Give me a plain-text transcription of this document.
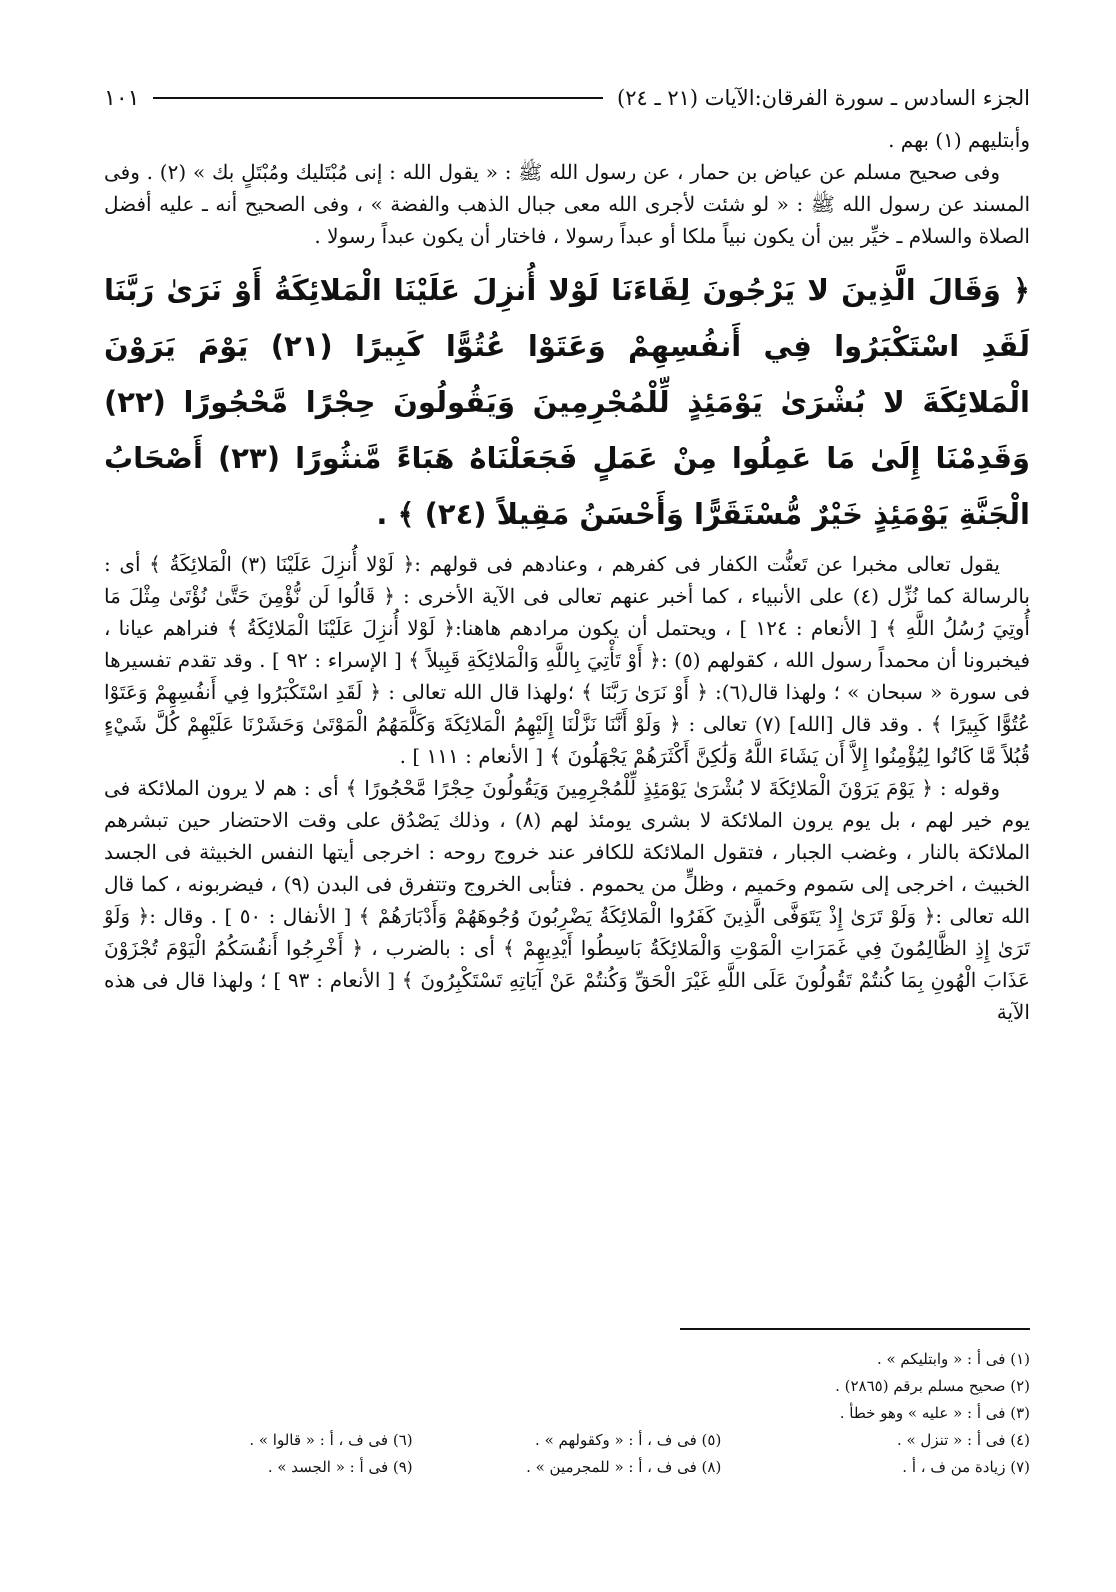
الجزء السادس ـ سورة الفرقان:الآيات (٢١ ـ ٢٤)
١٠١

وأبتليهم (١) بهم .

وفى صحيح مسلم عن عياض بن حمار ، عن رسول الله ﷺ : « يقول الله : إنى مُبْتَليك ومُبْتَلٍ بك » (٢) . وفى المسند عن رسول الله ﷺ : « لو شئت لأجرى الله معى جبال الذهب والفضة » ، وفى الصحيح أنه ـ عليه أفضل الصلاة والسلام ـ خيِّر بين أن يكون نبياً ملكا أو عبداً رسولا ، فاختار أن يكون عبداً رسولا .

﴿ وَقَالَ الَّذِينَ لا يَرْجُونَ لِقَاءَنَا لَوْلا أُنزِلَ عَلَيْنَا الْمَلائِكَةُ أَوْ نَرَىٰ رَبَّنَا لَقَدِ اسْتَكْبَرُوا فِي أَنفُسِهِمْ وَعَتَوْا عُتُوًّا كَبِيرًا (٢١) يَوْمَ يَرَوْنَ الْمَلائِكَةَ لا بُشْرَىٰ يَوْمَئِذٍ لِّلْمُجْرِمِينَ وَيَقُولُونَ حِجْرًا مَّحْجُورًا (٢٢) وَقَدِمْنَا إِلَىٰ مَا عَمِلُوا مِنْ عَمَلٍ فَجَعَلْنَاهُ هَبَاءً مَّنثُورًا (٢٣) أَصْحَابُ الْجَنَّةِ يَوْمَئِذٍ خَيْرٌ مُّسْتَقَرًّا وَأَحْسَنُ مَقِيلاً (٢٤) ﴾ .

يقول تعالى مخبرا عن تَعنُّت الكفار فى كفرهم ، وعنادهم فى قولهم :﴿ لَوْلا أُنزِلَ عَلَيْنَا (٣) الْمَلائِكَةُ ﴾ أى : بالرسالة كما نُزِّل (٤) على الأنبياء ، كما أخبر عنهم تعالى فى الآية الأخرى : ﴿ قَالُوا لَن نُّؤْمِنَ حَتَّىٰ نُؤْتَىٰ مِثْلَ مَا أُوتِيَ رُسُلُ اللَّهِ ﴾ [ الأنعام : ١٢٤ ] ، ويحتمل أن يكون مرادهم هاهنا:﴿ لَوْلا أُنزِلَ عَلَيْنَا الْمَلائِكَةُ ﴾ فنراهم عيانا ، فيخبرونا أن محمداً رسول الله ، كقولهم (٥) :﴿ أَوْ تَأْتِيَ بِاللَّهِ وَالْمَلائِكَةِ قَبِيلاً ﴾ [ الإسراء : ٩٢ ] . وقد تقدم تفسيرها فى سورة « سبحان » ؛ ولهذا قال(٦): ﴿ أَوْ نَرَىٰ رَبَّنَا ﴾ ؛ولهذا قال الله تعالى : ﴿ لَقَدِ اسْتَكْبَرُوا فِي أَنفُسِهِمْ وَعَتَوْا عُتُوًّا كَبِيرًا ﴾ . وقد قال [الله] (٧) تعالى : ﴿ وَلَوْ أَنَّنَا نَزَّلْنَا إِلَيْهِمُ الْمَلائِكَةَ وَكَلَّمَهُمُ الْمَوْتَىٰ وَحَشَرْنَا عَلَيْهِمْ كُلَّ شَيْءٍ قُبُلاً مَّا كَانُوا لِيُؤْمِنُوا إِلاَّ أَن يَشَاءَ اللَّهُ وَلَٰكِنَّ أَكْثَرَهُمْ يَجْهَلُونَ ﴾ [ الأنعام : ١١١ ] .

وقوله : ﴿ يَوْمَ يَرَوْنَ الْمَلائِكَةَ لا بُشْرَىٰ يَوْمَئِذٍ لِّلْمُجْرِمِينَ وَيَقُولُونَ حِجْرًا مَّحْجُورًا ﴾ أى : هم لا يرون الملائكة فى يوم خير لهم ، بل يوم يرون الملائكة لا بشرى يومئذ لهم (٨) ، وذلك يَصْدُق على وقت الاحتضار حين تبشرهم الملائكة بالنار ، وغضب الجبار ، فتقول الملائكة للكافر عند خروج روحه : اخرجى أيتها النفس الخبيثة فى الجسد الخبيث ، اخرجى إلى سَموم وحَميم ، وظلٍّ من يحموم . فتأبى الخروج وتتفرق فى البدن (٩) ، فيضربونه ، كما قال الله تعالى :﴿ وَلَوْ تَرَىٰ إِذْ يَتَوَفَّى الَّذِينَ كَفَرُوا الْمَلائِكَةُ يَضْرِبُونَ وُجُوهَهُمْ وَأَدْبَارَهُمْ ﴾ [ الأنفال : ٥٠ ] . وقال :﴿ وَلَوْ تَرَىٰ إِذِ الظَّالِمُونَ فِي غَمَرَاتِ الْمَوْتِ وَالْمَلائِكَةُ بَاسِطُوا أَيْدِيهِمْ ﴾ أى : بالضرب ، ﴿ أَخْرِجُوا أَنفُسَكُمُ الْيَوْمَ تُجْزَوْنَ عَذَابَ الْهُونِ بِمَا كُنتُمْ تَقُولُونَ عَلَى اللَّهِ غَيْرَ الْحَقِّ وَكُنتُمْ عَنْ آيَاتِهِ تَسْتَكْبِرُونَ ﴾ [ الأنعام : ٩٣ ] ؛ ولهذا قال فى هذه الآية

(١) فى أ : « وابتليكم » .
(٢) صحيح مسلم برقم (٢٨٦٥) .
(٣) فى أ : « عليه » وهو خطأ .
(٤) فى أ : « تنزل » .
(٥) فى ف ، أ : « وكقولهم » .
(٦) فى ف ، أ : « قالوا » .
(٧) زيادة من ف ، أ .
(٨) فى ف ، أ : « للمجرمين » .
(٩) فى أ : « الجسد » .
